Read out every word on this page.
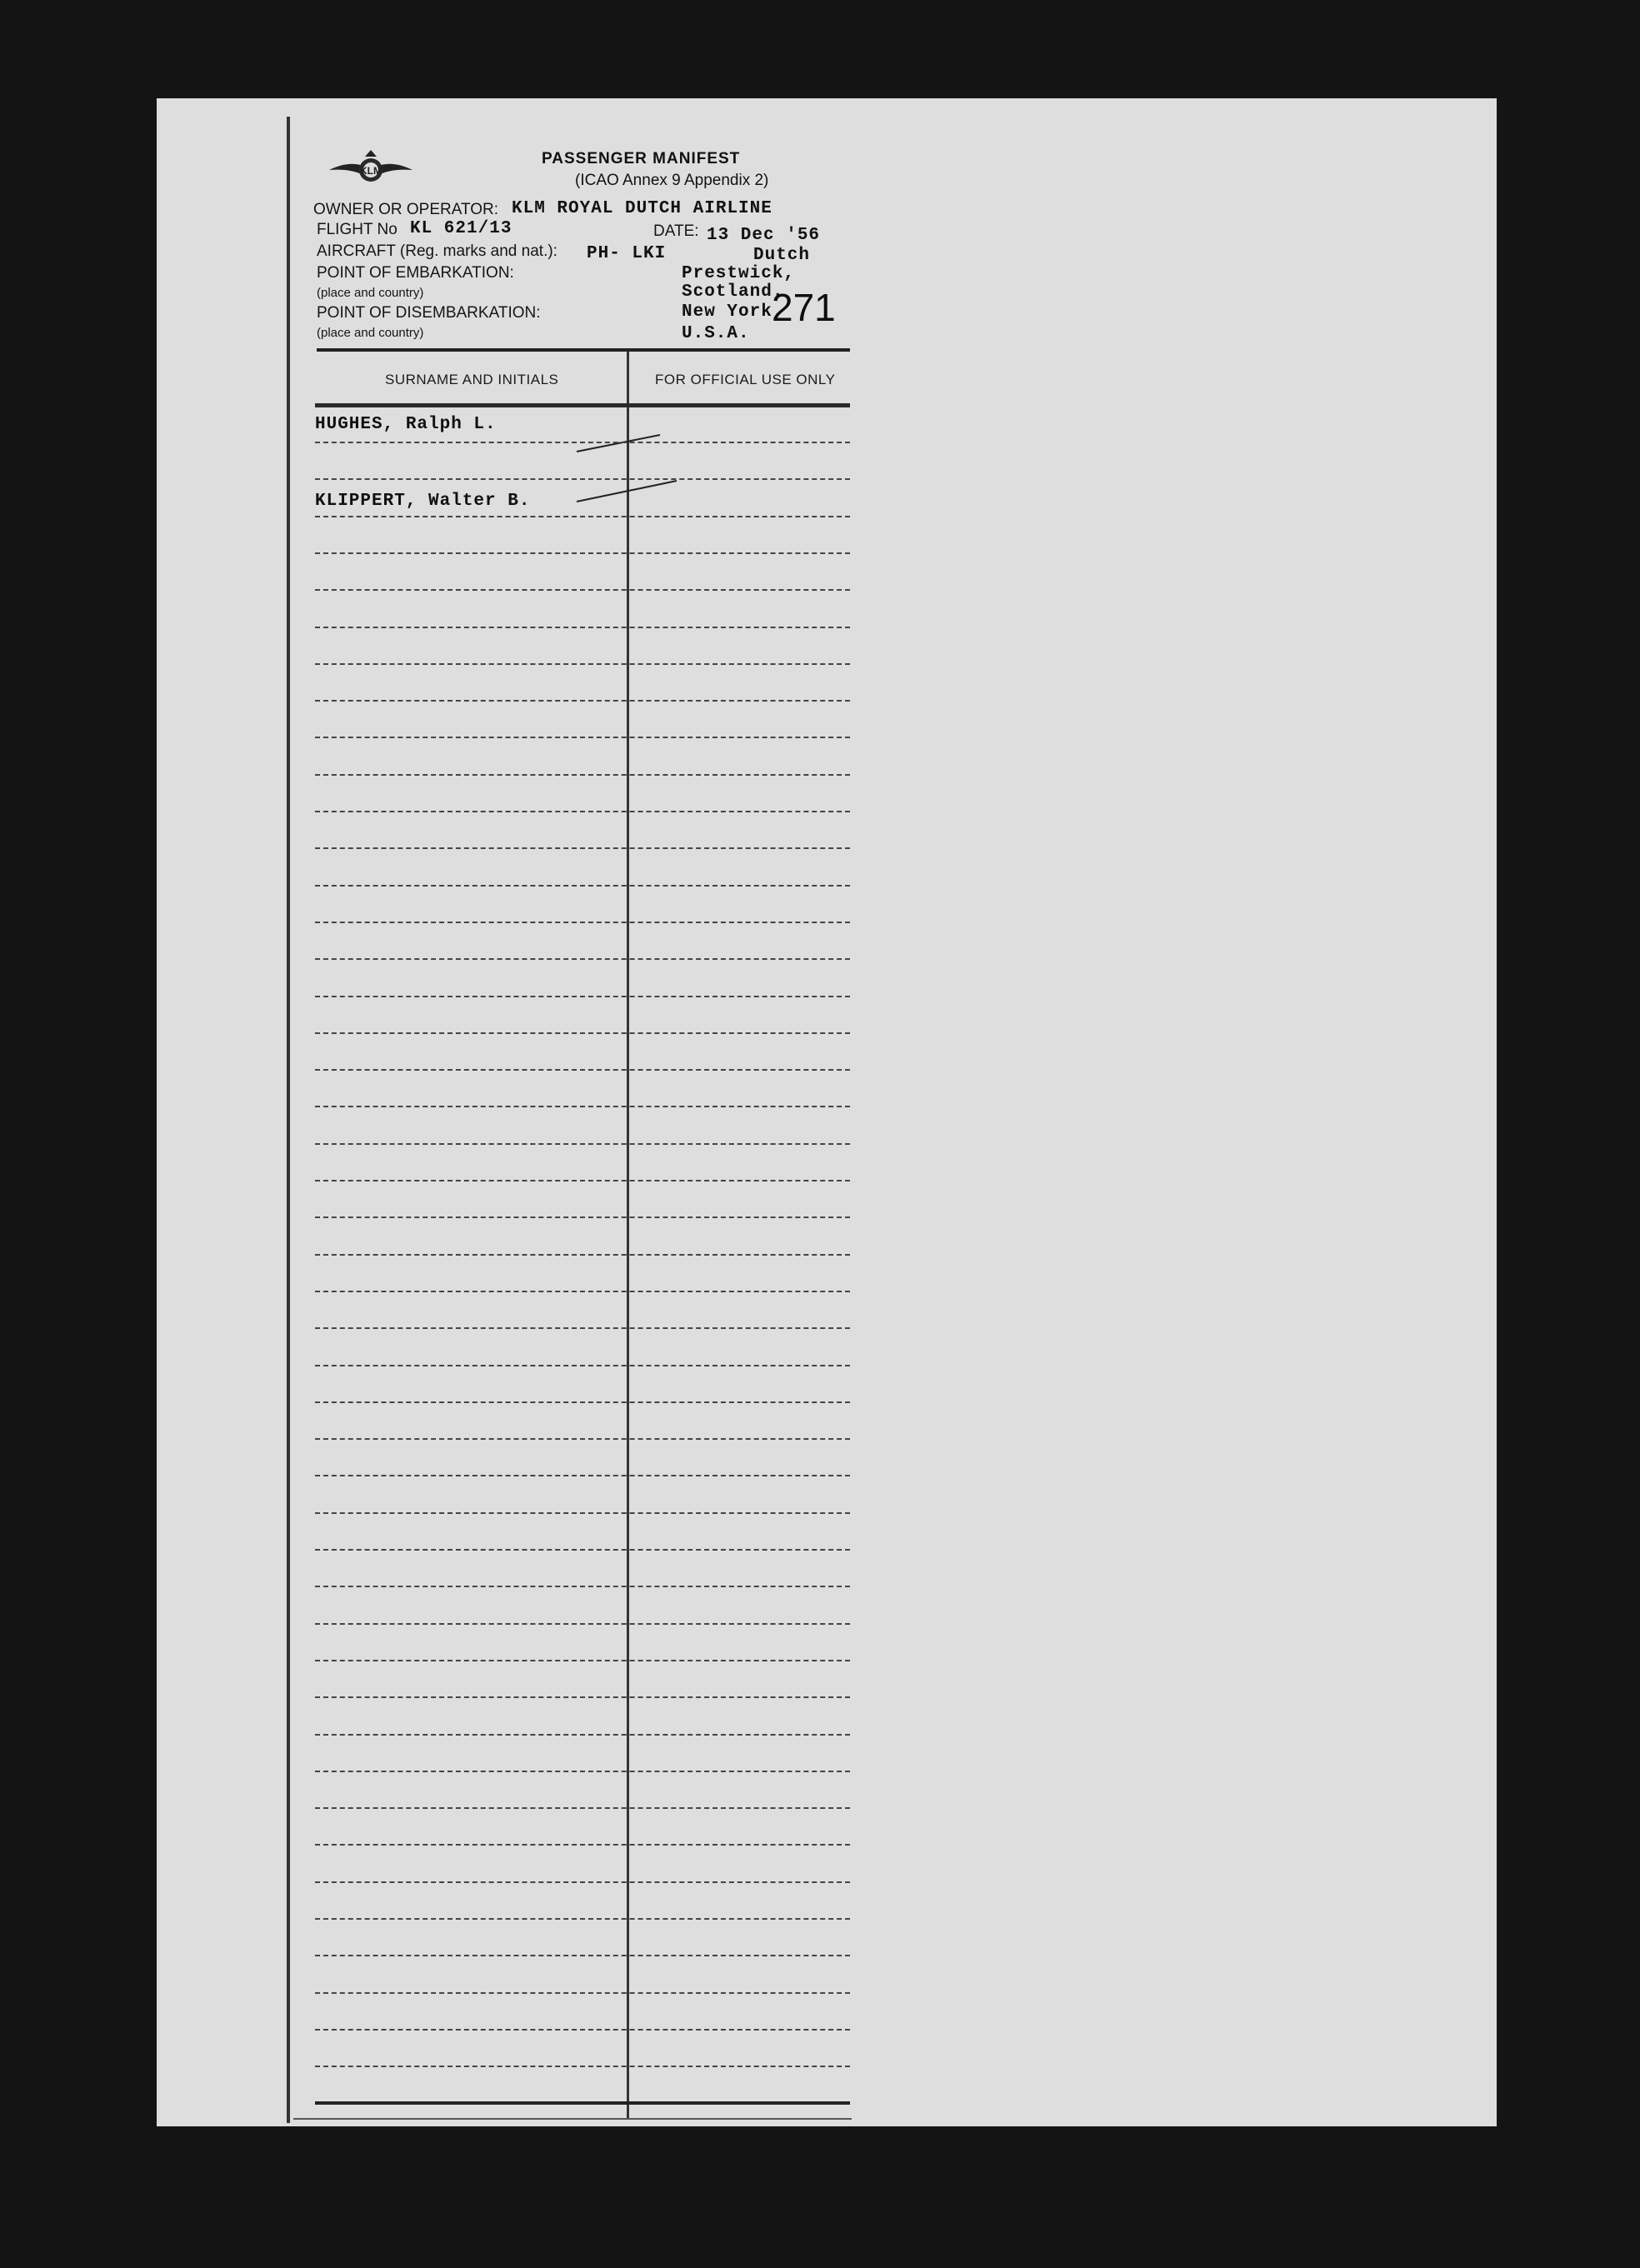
KLM
PASSENGER MANIFEST
(ICAO Annex 9 Appendix 2)
OWNER OR OPERATOR: KLM ROYAL DUTCH AIRLINE
FLIGHT No KL 621/13	DATE: 13 Dec '56
AIRCRAFT (Reg. marks and nat.): PH- LKI	Dutch
POINT OF EMBARKATION:
(place and country)
Prestwick,
Scotland.
POINT OF DISEMBARKATION:
(place and country)
New York.
U.S.A.
271
SURNAME AND INITIALS	FOR OFFICIAL USE ONLY
HUGHES, Ralph L.
KLIPPERT, Walter B.
